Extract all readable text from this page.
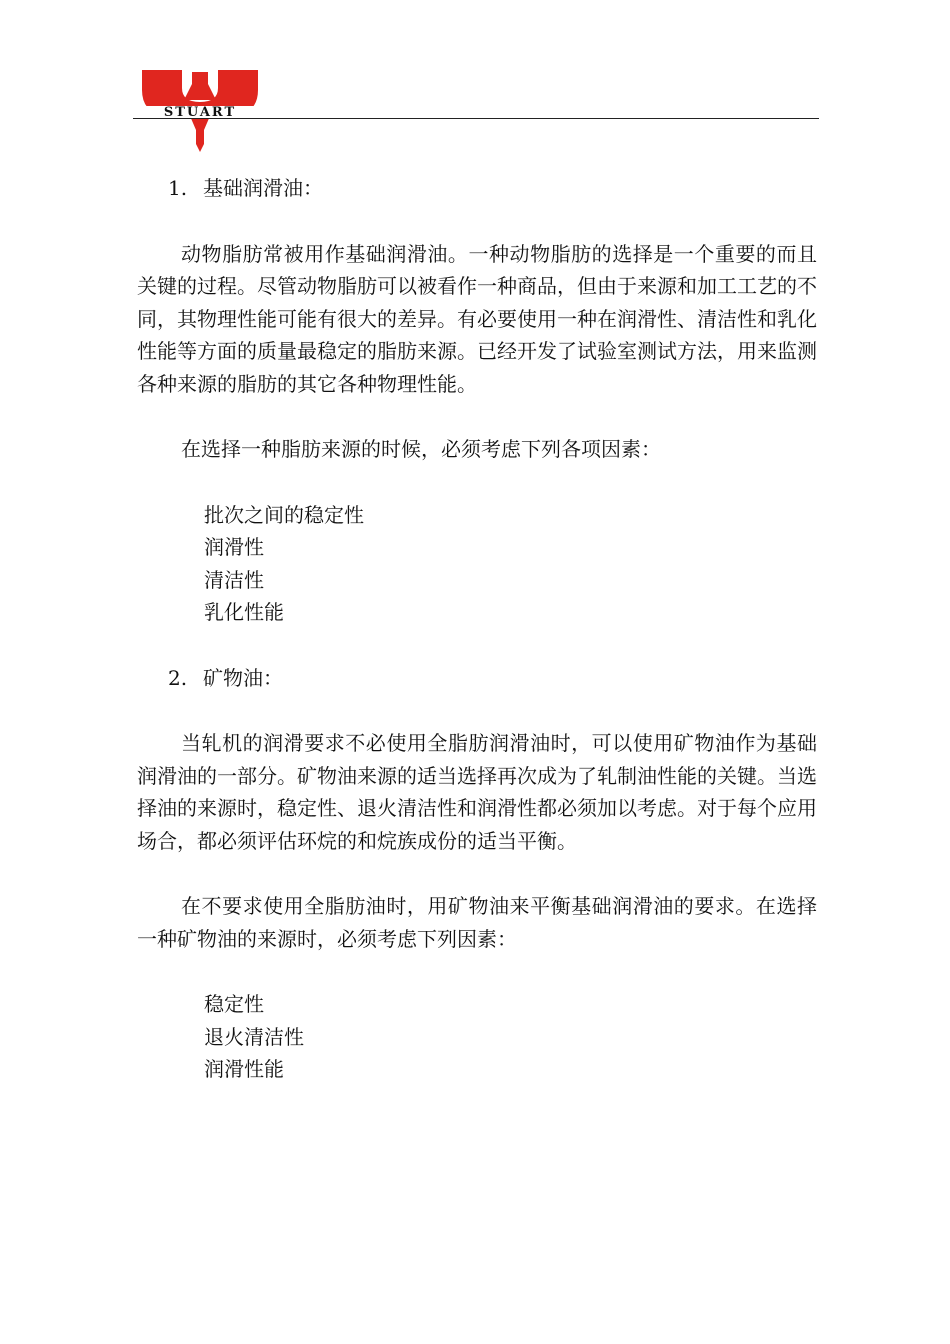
STUART

1. 基础润滑油：

动物脂肪常被用作基础润滑油。一种动物脂肪的选择是一个重要的而且关键的过程。尽管动物脂肪可以被看作一种商品，但由于来源和加工工艺的不同，其物理性能可能有很大的差异。有必要使用一种在润滑性、清洁性和乳化性能等方面的质量最稳定的脂肪来源。已经开发了试验室测试方法，用来监测各种来源的脂肪的其它各种物理性能。

在选择一种脂肪来源的时候，必须考虑下列各项因素：

批次之间的稳定性
润滑性
清洁性
乳化性能

2. 矿物油：

当轧机的润滑要求不必使用全脂肪润滑油时，可以使用矿物油作为基础润滑油的一部分。矿物油来源的适当选择再次成为了轧制油性能的关键。当选择油的来源时，稳定性、退火清洁性和润滑性都必须加以考虑。对于每个应用场合，都必须评估环烷的和烷族成份的适当平衡。

在不要求使用全脂肪油时，用矿物油来平衡基础润滑油的要求。在选择一种矿物油的来源时，必须考虑下列因素：

稳定性
退火清洁性
润滑性能
